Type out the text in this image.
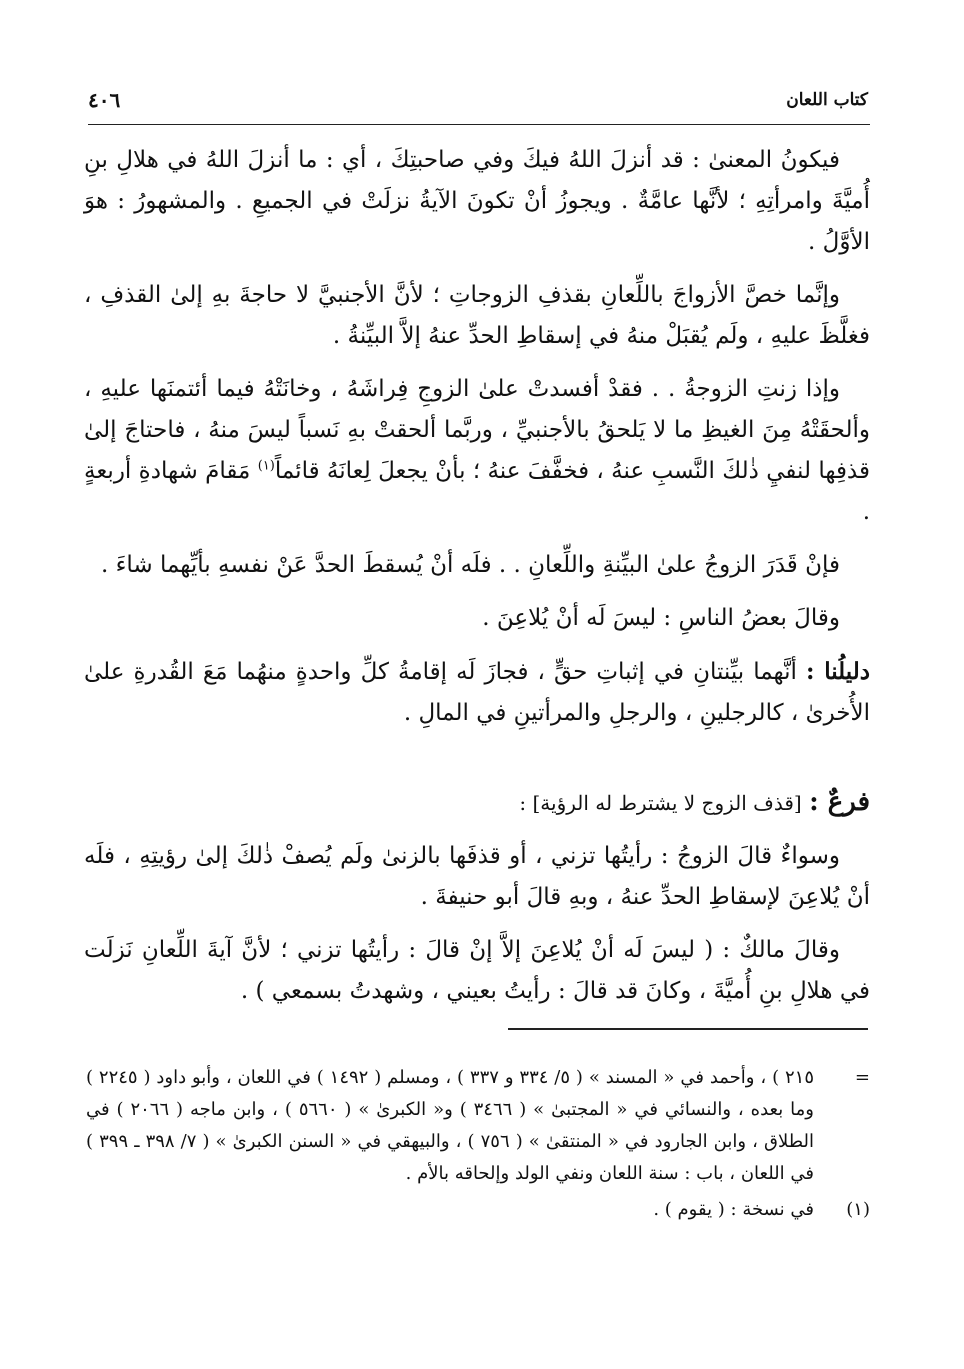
كتاب اللعان
٤٠٦

فيكونُ المعنىٰ : قد أنزلَ اللهُ فيكَ وفي صاحبتِكَ ، أي : ما أنزلَ اللهُ في هلالِ بنِ أُميَّةَ وامرأتِهِ ؛ لأنَّها عامَّةٌ . ويجوزُ أنْ تكونَ الآيةُ نزلَتْ في الجميعِ . والمشهورُ : هوَ الأوَّلُ .

وإنَّما خصَّ الأزواجَ باللِّعانِ بقذفِ الزوجاتِ ؛ لأنَّ الأجنبيَّ لا حاجةَ بهِ إلىٰ القذفِ ، فغلَّظَ عليهِ ، ولَم يُقبَلْ منهُ في إسقاطِ الحدِّ عنهُ إلاَّ البيِّنةُ .

وإذا زنتِ الزوجةُ . . فقدْ أفسدتْ علىٰ الزوجِ فِراشَهُ ، وخانَتْهُ فيما أئتمنَها عليهِ ، وألحقَتْهُ مِنَ الغيظِ ما لا يَلحقُ بالأجنبيِّ ، وربَّما ألحقتْ بهِ نَسباً ليسَ منهُ ، فاحتاجَ إلىٰ قذفِها لنفيِ ذٰلكَ النَّسبِ عنهُ ، فخفَّفَ عنهُ ؛ بأنْ يجعلَ لِعانَهُ قائماً$^{(١)}$ مَقامَ شهادةِ أربعةٍ .

فإنْ قَدَرَ الزوجُ علىٰ البيِّنةِ واللِّعانِ . . فلَه أنْ يُسقطَ الحدَّ عَنْ نفسهِ بأيِّهما شاءَ .

وقالَ بعضُ الناسِ : ليسَ لَه أنْ يُلاعِنَ .

دليلُنا : أنَّهما بيِّنتانِ في إثباتِ حقٍّ ، فجازَ لَه إقامةُ كلِّ واحدةٍ منهُما مَعَ القُدرةِ علىٰ الأُخرىٰ ، كالرجلينِ ، والرجلِ والمرأتينِ في المالِ .

فرعٌ : [قذف الزوج لا يشترط له الرؤية] :

وسواءٌ قالَ الزوجُ : رأيتُها تزني ، أو قذفَها بالزنىٰ ولَم يُصفْ ذٰلكَ إلىٰ رؤيتِهِ ، فلَه أنْ يُلاعِنَ لإسقاطِ الحدِّ عنهُ ، وبهِ قالَ أبو حنيفةَ .

وقالَ مالكٌ : ( ليسَ لَه أنْ يُلاعِنَ إلاَّ إنْ قالَ : رأيتُها تزني ؛ لأنَّ آيةَ اللِّعانِ نَزلَت في هلالِ بنِ أُميَّةَ ، وكانَ قد قالَ : رأيتُ بعيني ، وشهدتُ بسمعي ) .

=
٢١٥ ) ، وأحمد في « المسند » ( ٥/ ٣٣٤ و ٣٣٧ ) ، ومسلم ( ١٤٩٢ ) في اللعان ، وأبو داود ( ٢٢٤٥ ) وما بعده ، والنسائي في « المجتبىٰ » ( ٣٤٦٦ ) و« الكبرىٰ » ( ٥٦٦٠ ) ، وابن ماجه ( ٢٠٦٦ ) في الطلاق ، وابن الجارود في « المنتقىٰ » ( ٧٥٦ ) ، والبيهقي في « السنن الكبرىٰ » ( ٧/ ٣٩٨ ـ ٣٩٩ ) في اللعان ، باب : سنة اللعان ونفي الولد وإلحاقه بالأم .
(١)
في نسخة : ( يقوم ) .
